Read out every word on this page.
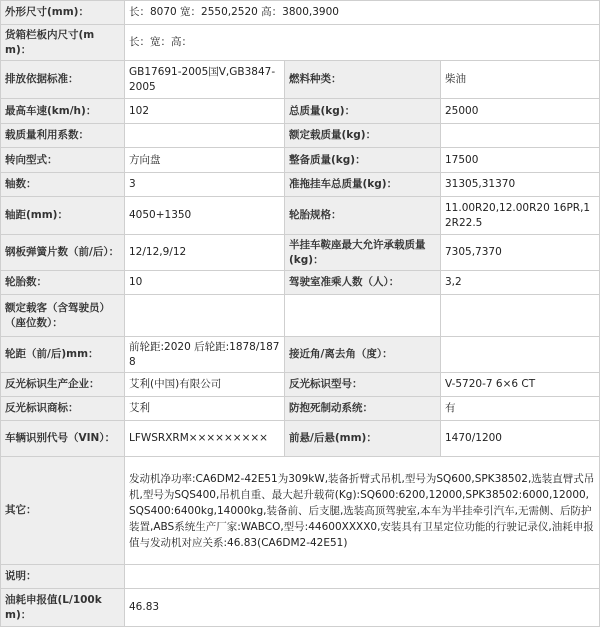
外形尺寸(mm)：	长：8070 宽：2550,2520 高：3800,3900		
货箱栏板内尺寸(mm)：	长：宽：高：		
排放依据标准：	GB17691-2005国V,GB3847-2005	燃料种类：	柴油
最高车速(km/h)：	102	总质量(kg)：	25000
载质量利用系数：		额定载质量(kg)：	
转向型式：	方向盘	整备质量(kg)：	17500
轴数：	3	准拖挂车总质量(kg)：	31305,31370
轴距(mm)：	4050+1350	轮胎规格：	11.00R20,12.00R20 16PR,12R22.5
钢板弹簧片数（前/后）：	12/12,9/12	半挂车鞍座最大允许承载质量(kg)：	7305,7370
轮胎数：	10	驾驶室准乘人数（人）：	3,2
额定载客（含驾驶员）（座位数）：			
轮距（前/后)mm：	前轮距:2020 后轮距:1878/1878	接近角/离去角（度）：	
反光标识生产企业：	艾利(中国)有限公司	反光标识型号：	V-5720-7 6×6 CT
反光标识商标：	艾利	防抱死制动系统：	有
车辆识别代号（VIN）：	LFWSRXRM×××××××××	前悬/后悬(mm)：	1470/1200
其它：	发动机净功率:CA6DM2-42E51为309kW,装备折臂式吊机,型号为SQ600,SPK38502,选装直臂式吊机,型号为SQS400,吊机自重、最大起升载荷(Kg):SQ600:6200,12000,SPK38502:6000,12000,SQS400:6400kg,14000kg,装备前、后支腿,选装高顶驾驶室,本车为半挂牵引汽车,无需侧、后防护装置,ABS系统生产厂家:WABCO,型号:44600XXXX0,安装具有卫星定位功能的行驶记录仪,油耗申报值与发动机对应关系:46.83(CA6DM2-42E51)		
说明：			
油耗申报值(L/100km)：	46.83		
